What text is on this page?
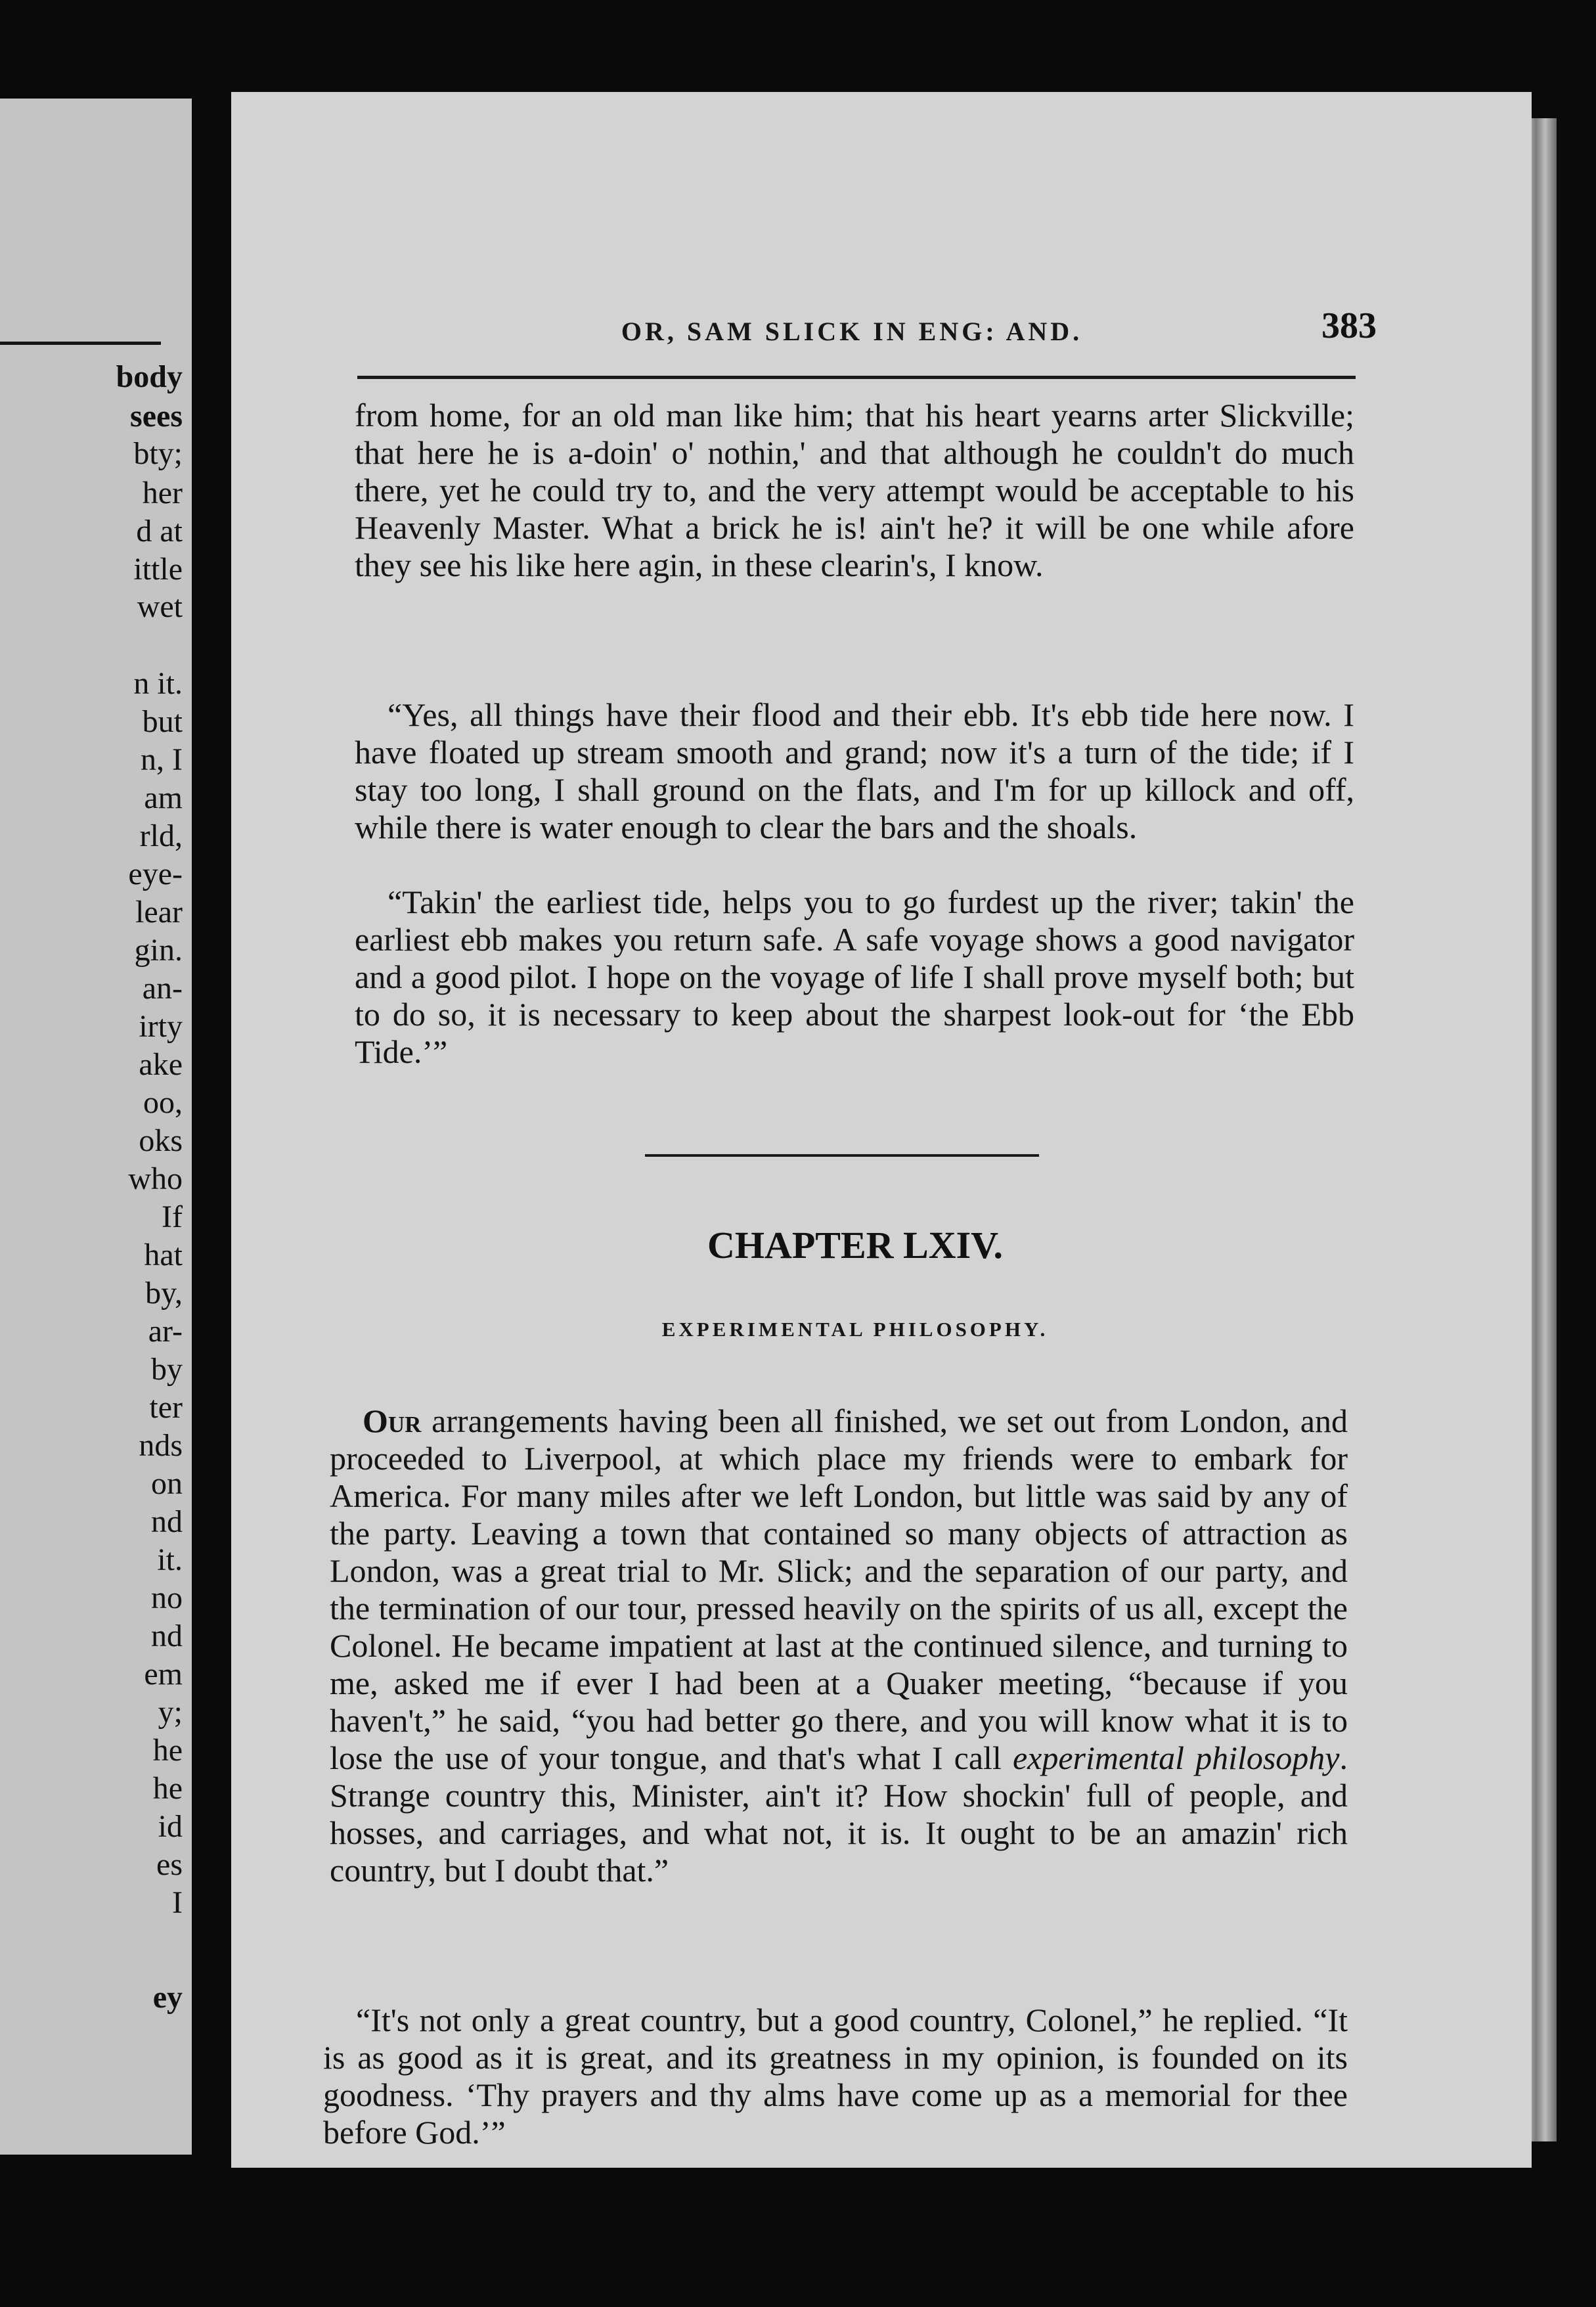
body

sees

bty;

her

d at

ittle

wet

n it.

but

n, I

am

rld,

eye-

lear

gin.

an-

irty

ake

oo,

oks

who

If

hat

by,

ar-

by

ter

nds

on

nd

it.

no

nd

em

y;

he

he

id

es

I

ey

OR, SAM SLICK IN ENG: AND.	383

from home, for an old man like him; that his heart yearns arter Slickville; that here he is a-doin' o' nothin,' and that although he couldn't do much there, yet he could try to, and the very attempt would be acceptable to his Heavenly Master. What a brick he is! ain't he? it will be one while afore they see his like here agin, in these clearin's, I know.

“Yes, all things have their flood and their ebb. It's ebb tide here now. I have floated up stream smooth and grand; now it's a turn of the tide; if I stay too long, I shall ground on the flats, and I'm for up killock and off, while there is water enough to clear the bars and the shoals.

“Takin' the earliest tide, helps you to go furdest up the river; takin' the earliest ebb makes you return safe. A safe voyage shows a good navigator and a good pilot. I hope on the voyage of life I shall prove myself both; but to do so, it is necessary to keep about the sharpest look-out for ‘the Ebb Tide.’”

CHAPTER LXIV.
EXPERIMENTAL PHILOSOPHY.

Our arrangements having been all finished, we set out from London, and proceeded to Liverpool, at which place my friends were to embark for America. For many miles after we left London, but little was said by any of the party. Leaving a town that contained so many objects of attraction as London, was a great trial to Mr. Slick; and the separation of our party, and the termination of our tour, pressed heavily on the spirits of us all, except the Colonel. He became impatient at last at the continued silence, and turning to me, asked me if ever I had been at a Quaker meeting, “because if you haven't,” he said, “you had better go there, and you will know what it is to lose the use of your tongue, and that's what I call experimental philosophy. Strange country this, Minister, ain't it? How shockin' full of people, and hosses, and carriages, and what not, it is. It ought to be an amazin' rich country, but I doubt that.”

“It's not only a great country, but a good country, Colonel,” he replied. “It is as good as it is great, and its greatness in my opinion, is founded on its goodness. ‘Thy prayers and thy alms have come up as a memorial for thee before God.’”
